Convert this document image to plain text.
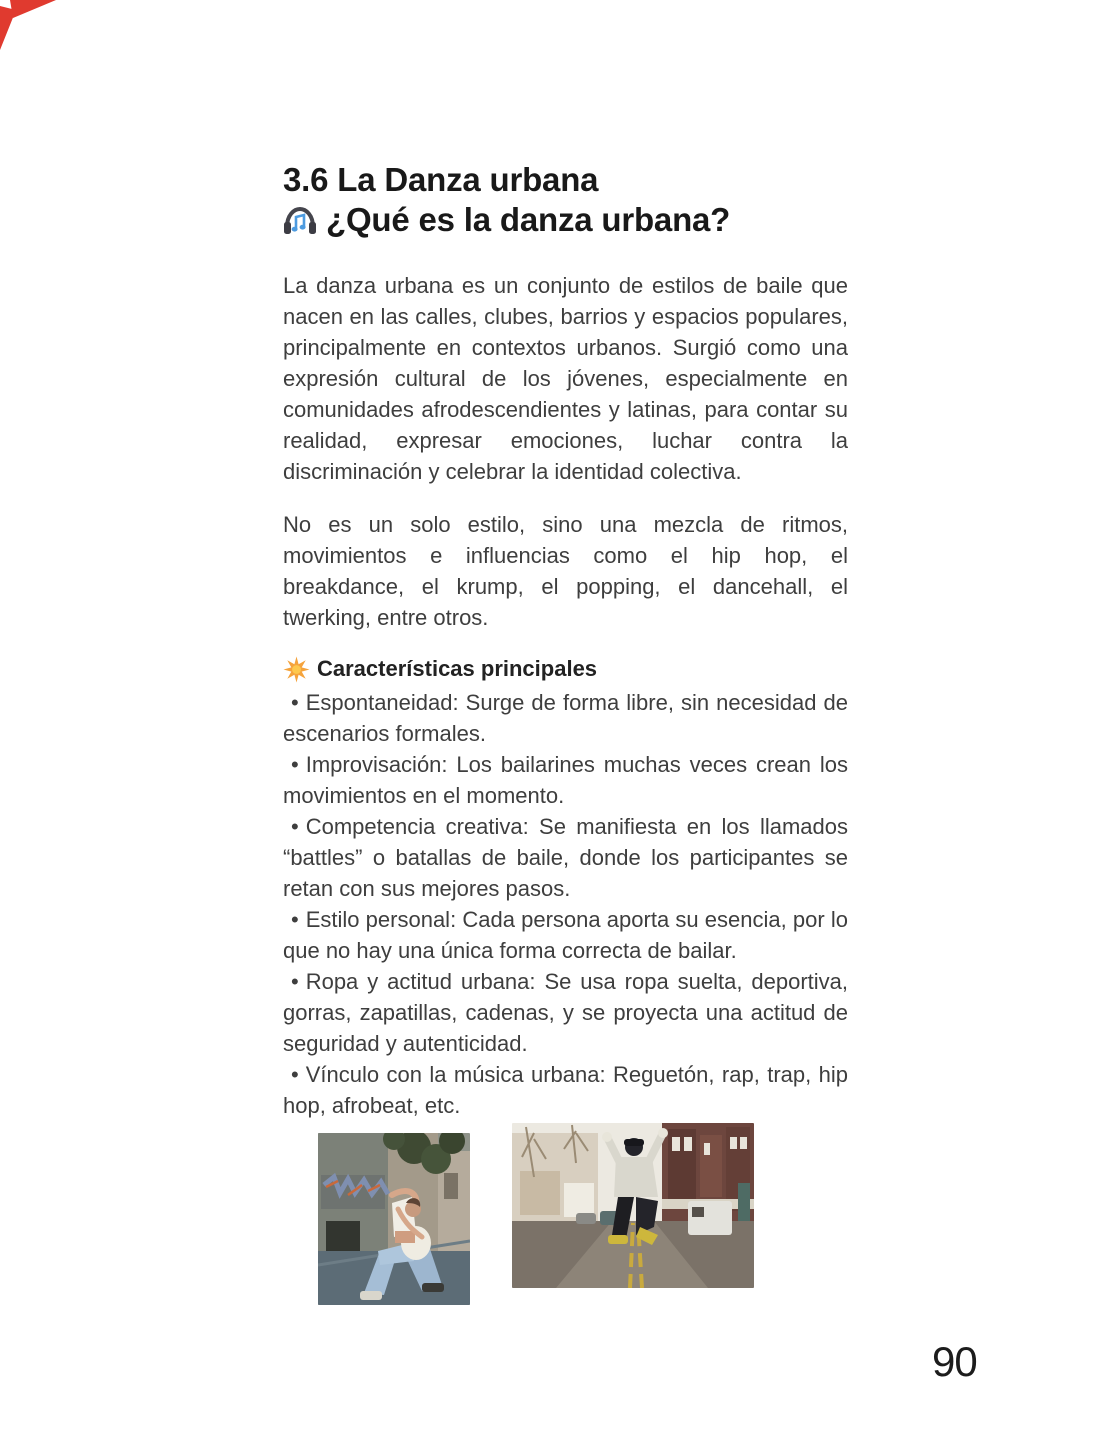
3.6 La Danza urbana
¿Qué es la danza urbana?

La danza urbana es un conjunto de estilos de baile que nacen en las calles, clubes, barrios y espacios populares, principalmente en contextos urbanos. Surgió como una expresión cultural de los jóvenes, especialmente en comunidades afrodescendientes y latinas, para contar su realidad, expresar emociones, luchar contra la discriminación y celebrar la identidad colectiva.

No es un solo estilo, sino una mezcla de ritmos, movimientos e influencias como el hip hop, el breakdance, el krump, el popping, el dancehall, el twerking, entre otros.

Características principales

• Espontaneidad: Surge de forma libre, sin necesidad de escenarios formales.

• Improvisación: Los bailarines muchas veces crean los movimientos en el momento.

• Competencia creativa: Se manifiesta en los llamados “battles” o batallas de baile, donde los participantes se retan con sus mejores pasos.

• Estilo personal: Cada persona aporta su esencia, por lo que no hay una única forma correcta de bailar.

• Ropa y actitud urbana: Se usa ropa suelta, deportiva, gorras, zapatillas, cadenas, y se proyecta una actitud de seguridad y autenticidad.

• Vínculo con la música urbana: Reguetón, rap, trap, hip hop, afrobeat, etc.

90
